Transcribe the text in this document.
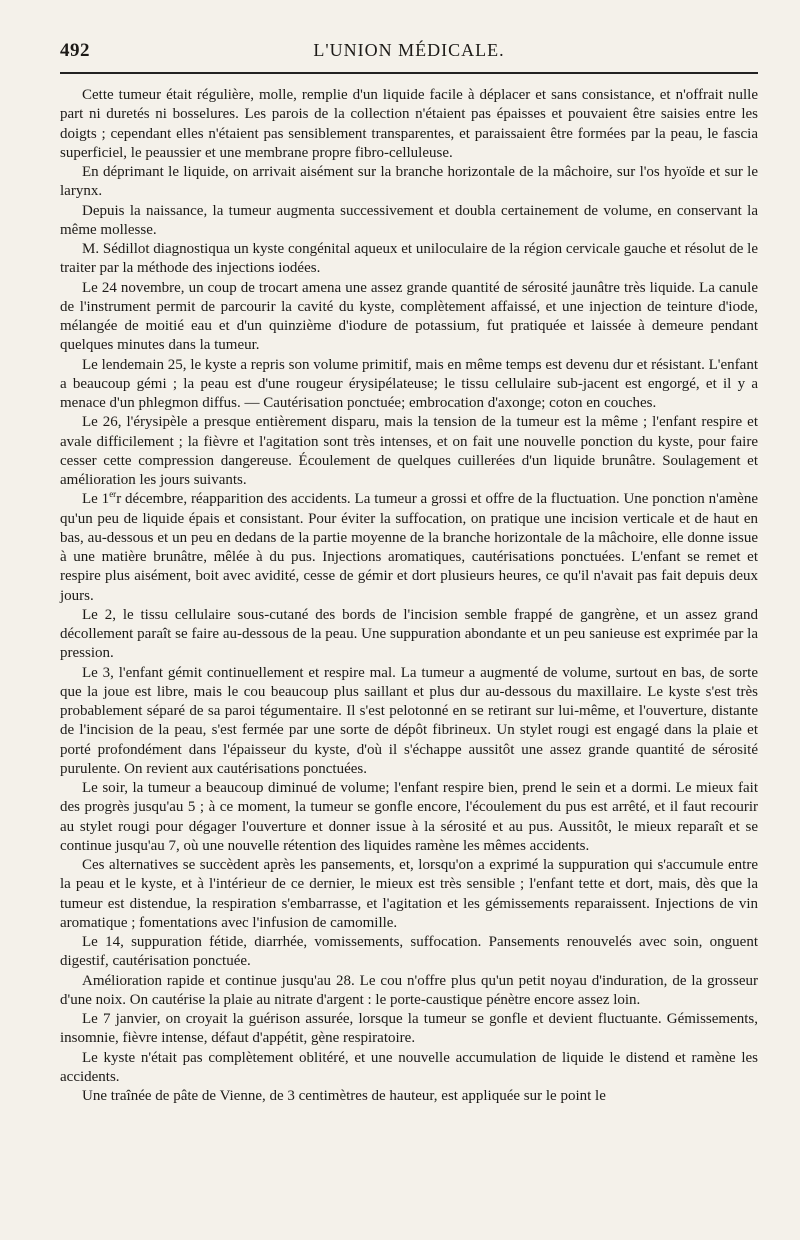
492	L'UNION MÉDICALE.

Cette tumeur était régulière, molle, remplie d'un liquide facile à déplacer et sans consistance, et n'offrait nulle part ni duretés ni bosselures. Les parois de la collection n'étaient pas épaisses et pouvaient être saisies entre les doigts ; cependant elles n'étaient pas sensiblement transparentes, et paraissaient être formées par la peau, le fascia superficiel, le peaussier et une membrane propre fibro-celluleuse.

En déprimant le liquide, on arrivait aisément sur la branche horizontale de la mâchoire, sur l'os hyoïde et sur le larynx.

Depuis la naissance, la tumeur augmenta successivement et doubla certainement de volume, en conservant la même mollesse.

M. Sédillot diagnostiqua un kyste congénital aqueux et uniloculaire de la région cervicale gauche et résolut de le traiter par la méthode des injections iodées.

Le 24 novembre, un coup de trocart amena une assez grande quantité de sérosité jaunâtre très liquide. La canule de l'instrument permit de parcourir la cavité du kyste, complètement affaissé, et une injection de teinture d'iode, mélangée de moitié eau et d'un quinzième d'iodure de potassium, fut pratiquée et laissée à demeure pendant quelques minutes dans la tumeur.

Le lendemain 25, le kyste a repris son volume primitif, mais en même temps est devenu dur et résistant. L'enfant a beaucoup gémi ; la peau est d'une rougeur érysipélateuse; le tissu cellulaire sub-jacent est engorgé, et il y a menace d'un phlegmon diffus. — Cautérisation ponctuée; embrocation d'axonge; coton en couches.

Le 26, l'érysipèle a presque entièrement disparu, mais la tension de la tumeur est la même ; l'enfant respire et avale difficilement ; la fièvre et l'agitation sont très intenses, et on fait une nouvelle ponction du kyste, pour faire cesser cette compression dangereuse. Écoulement de quelques cuillerées d'un liquide brunâtre. Soulagement et amélioration les jours suivants.

Le 1err décembre, réapparition des accidents. La tumeur a grossi et offre de la fluctuation. Une ponction n'amène qu'un peu de liquide épais et consistant. Pour éviter la suffocation, on pratique une incision verticale et de haut en bas, au-dessous et un peu en dedans de la partie moyenne de la branche horizontale de la mâchoire, elle donne issue à une matière brunâtre, mêlée à du pus. Injections aromatiques, cautérisations ponctuées. L'enfant se remet et respire plus aisément, boit avec avidité, cesse de gémir et dort plusieurs heures, ce qu'il n'avait pas fait depuis deux jours.

Le 2, le tissu cellulaire sous-cutané des bords de l'incision semble frappé de gangrène, et un assez grand décollement paraît se faire au-dessous de la peau. Une suppuration abondante et un peu sanieuse est exprimée par la pression.

Le 3, l'enfant gémit continuellement et respire mal. La tumeur a augmenté de volume, surtout en bas, de sorte que la joue est libre, mais le cou beaucoup plus saillant et plus dur au-dessous du maxillaire. Le kyste s'est très probablement séparé de sa paroi tégumentaire. Il s'est pelotonné en se retirant sur lui-même, et l'ouverture, distante de l'incision de la peau, s'est fermée par une sorte de dépôt fibrineux. Un stylet rougi est engagé dans la plaie et porté profondément dans l'épaisseur du kyste, d'où il s'échappe aussitôt une assez grande quantité de sérosité purulente. On revient aux cautérisations ponctuées.

Le soir, la tumeur a beaucoup diminué de volume; l'enfant respire bien, prend le sein et a dormi. Le mieux fait des progrès jusqu'au 5 ; à ce moment, la tumeur se gonfle encore, l'écoulement du pus est arrêté, et il faut recourir au stylet rougi pour dégager l'ouverture et donner issue à la sérosité et au pus. Aussitôt, le mieux reparaît et se continue jusqu'au 7, où une nouvelle rétention des liquides ramène les mêmes accidents.

Ces alternatives se succèdent après les pansements, et, lorsqu'on a exprimé la suppuration qui s'accumule entre la peau et le kyste, et à l'intérieur de ce dernier, le mieux est très sensible ; l'enfant tette et dort, mais, dès que la tumeur est distendue, la respiration s'embarrasse, et l'agitation et les gémissements reparaissent. Injections de vin aromatique ; fomentations avec l'infusion de camomille.

Le 14, suppuration fétide, diarrhée, vomissements, suffocation. Pansements renouvelés avec soin, onguent digestif, cautérisation ponctuée.

Amélioration rapide et continue jusqu'au 28. Le cou n'offre plus qu'un petit noyau d'induration, de la grosseur d'une noix. On cautérise la plaie au nitrate d'argent : le porte-caustique pénètre encore assez loin.

Le 7 janvier, on croyait la guérison assurée, lorsque la tumeur se gonfle et devient fluctuante. Gémissements, insomnie, fièvre intense, défaut d'appétit, gène respiratoire.

Le kyste n'était pas complètement oblitéré, et une nouvelle accumulation de liquide le distend et ramène les accidents.

Une traînée de pâte de Vienne, de 3 centimètres de hauteur, est appliquée sur le point le
